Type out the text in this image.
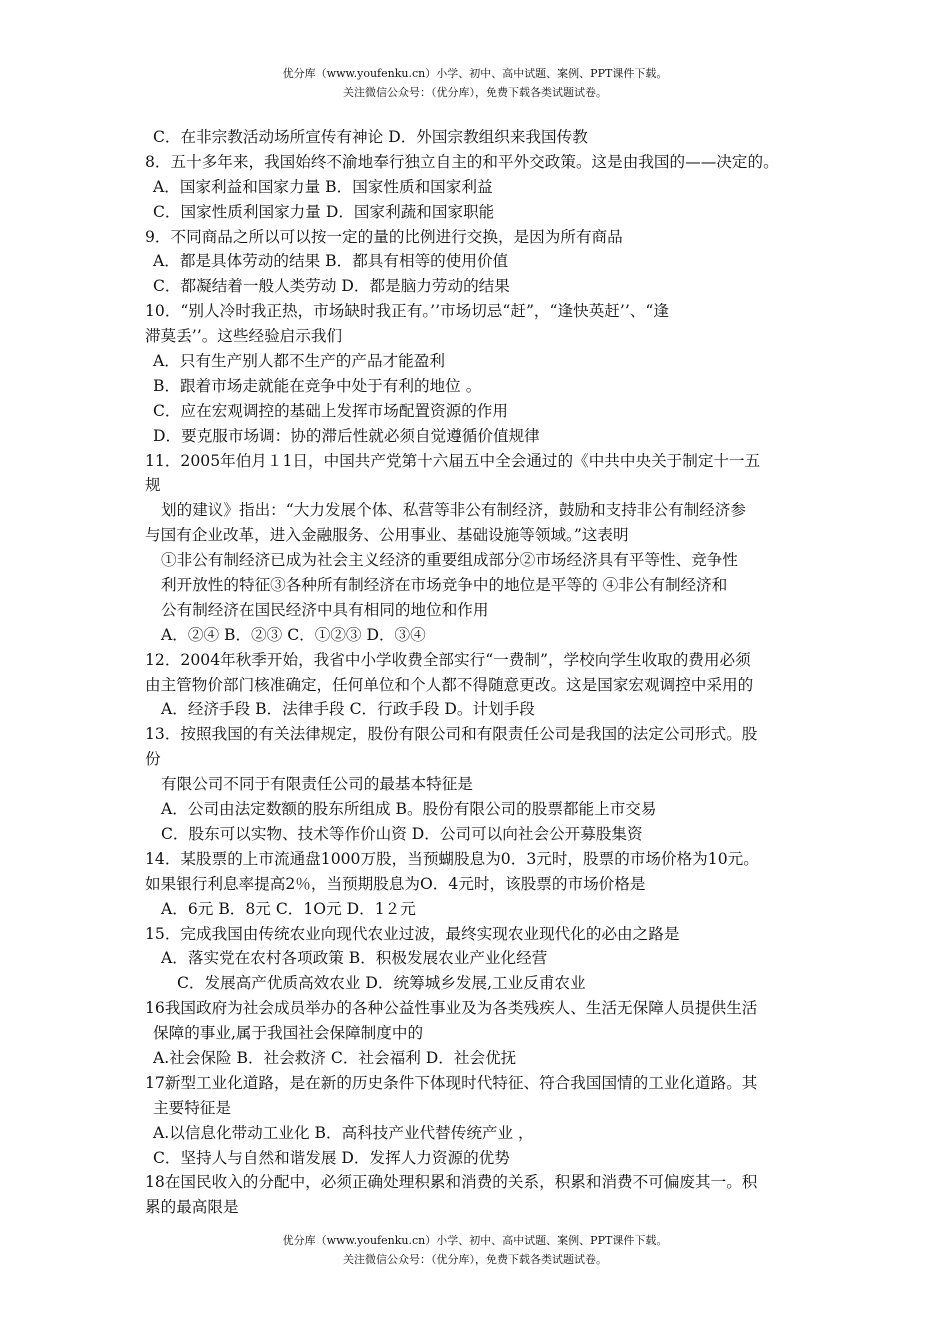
优分库（www.youfenku.cn）小学、初中、高中试题、案例、PPT课件下载。
关注微信公众号：（优分库），免费下载各类试题试卷。
C．在非宗教活动场所宣传有神论 D．外国宗教组织来我国传教
8．五十多年来，我国始终不渝地奉行独立自主的和平外交政策。这是由我国的——决定的。
A．国家利益和国家力量 B．国家性质和国家利益
C．国家性质利国家力量 D．国家利蔬和国家职能
9．不同商品之所以可以按一定的量的比例进行交换，是因为所有商品
A．都是具体劳动的结果 B．都具有相等的使用价值
C．都凝结着一般人类劳动 D．都是脑力劳动的结果
10．“别人冷时我正热，市场缺时我正有。’’市场切忌“赶”，“逢快英赶’’、“逢
滞莫丢’’。这些经验启示我们
A．只有生产别人都不生产的产品才能盈利
B．跟着市场走就能在竞争中处于有利的地位 。
C．应在宏观调控的基础上发挥市场配置资源的作用
D．要克服市场调：协的滞后性就必须自觉遵循价值规律
11．2005年伯月１1日，中国共产党第十六届五中全会通过的《中共中央关于制定十一五
规
划的建议》指出：“大力发展个体、私营等非公有制经济，鼓励和支持非公有制经济参
与国有企业改革，进入金融服务、公用事业、基础设施等领域。”这表明
①非公有制经济已成为社会主义经济的重要组成部分②市场经济具有平等性、竞争性
利开放性的特征③各种所有制经济在市场竞争中的地位是平等的 ④非公有制经济和
公有制经济在国民经济中具有相同的地位和作用
A．②④ B．②③ C．①②③ D．③④
12．2004年秋季开始，我省中小学收费全部实行“一费制”，学校向学生收取的费用必须
由主管物价部门核准确定，任何单位和个人都不得随意更改。这是国家宏观调控中采用的
A．经济手段 B．法律手段 C．行政手段 D。计划手段
13．按照我国的有关法律规定，股份有限公司和有限责任公司是我国的法定公司形式。股
份
有限公司不同于有限责任公司的最基本特征是
A．公司由法定数额的股东所组成 B。股份有限公司的股票都能上市交易
C．股东可以实物、技术等作价山资 D．公司可以向社会公开募股集资
14．某股票的上市流通盘1000万股，当预蝴股息为0．3元时，股票的市场价格为10元。
如果银行利息率提高2％，当预期股息为O．4元时，该股票的市场价格是
A．6元 B．8元 C．1O元 D．1２元
15．完成我国由传统农业向现代农业过波，最终实现农业现代化的必由之路是
A．落实党在农村各项政策 B．积极发展农业产业化经营
C．发展高产优质高效农业 D．统筹城乡发展,工业反甫农业
16我国政府为社会成员举办的各种公益性事业及为各类残疾人、生活无保障人员提供生活
保障的事业,属于我国社会保障制度中的
A.社会保险 B．社会救济 C．社会福利 D．社会优抚
17新型工业化道路，是在新的历史条件下体现时代特征、符合我国国情的工业化道路。其
主要特征是
A.以信息化带动工业化 B．高科技产业代替传统产业 ，
C．坚持人与自然和谐发展 D．发挥人力资源的优势
18在国民收入的分配中，必须正确处理积累和消费的关系，积累和消费不可偏废其一。积
累的最高限是
优分库（www.youfenku.cn）小学、初中、高中试题、案例、PPT课件下载。
关注微信公众号：（优分库），免费下载各类试题试卷。
